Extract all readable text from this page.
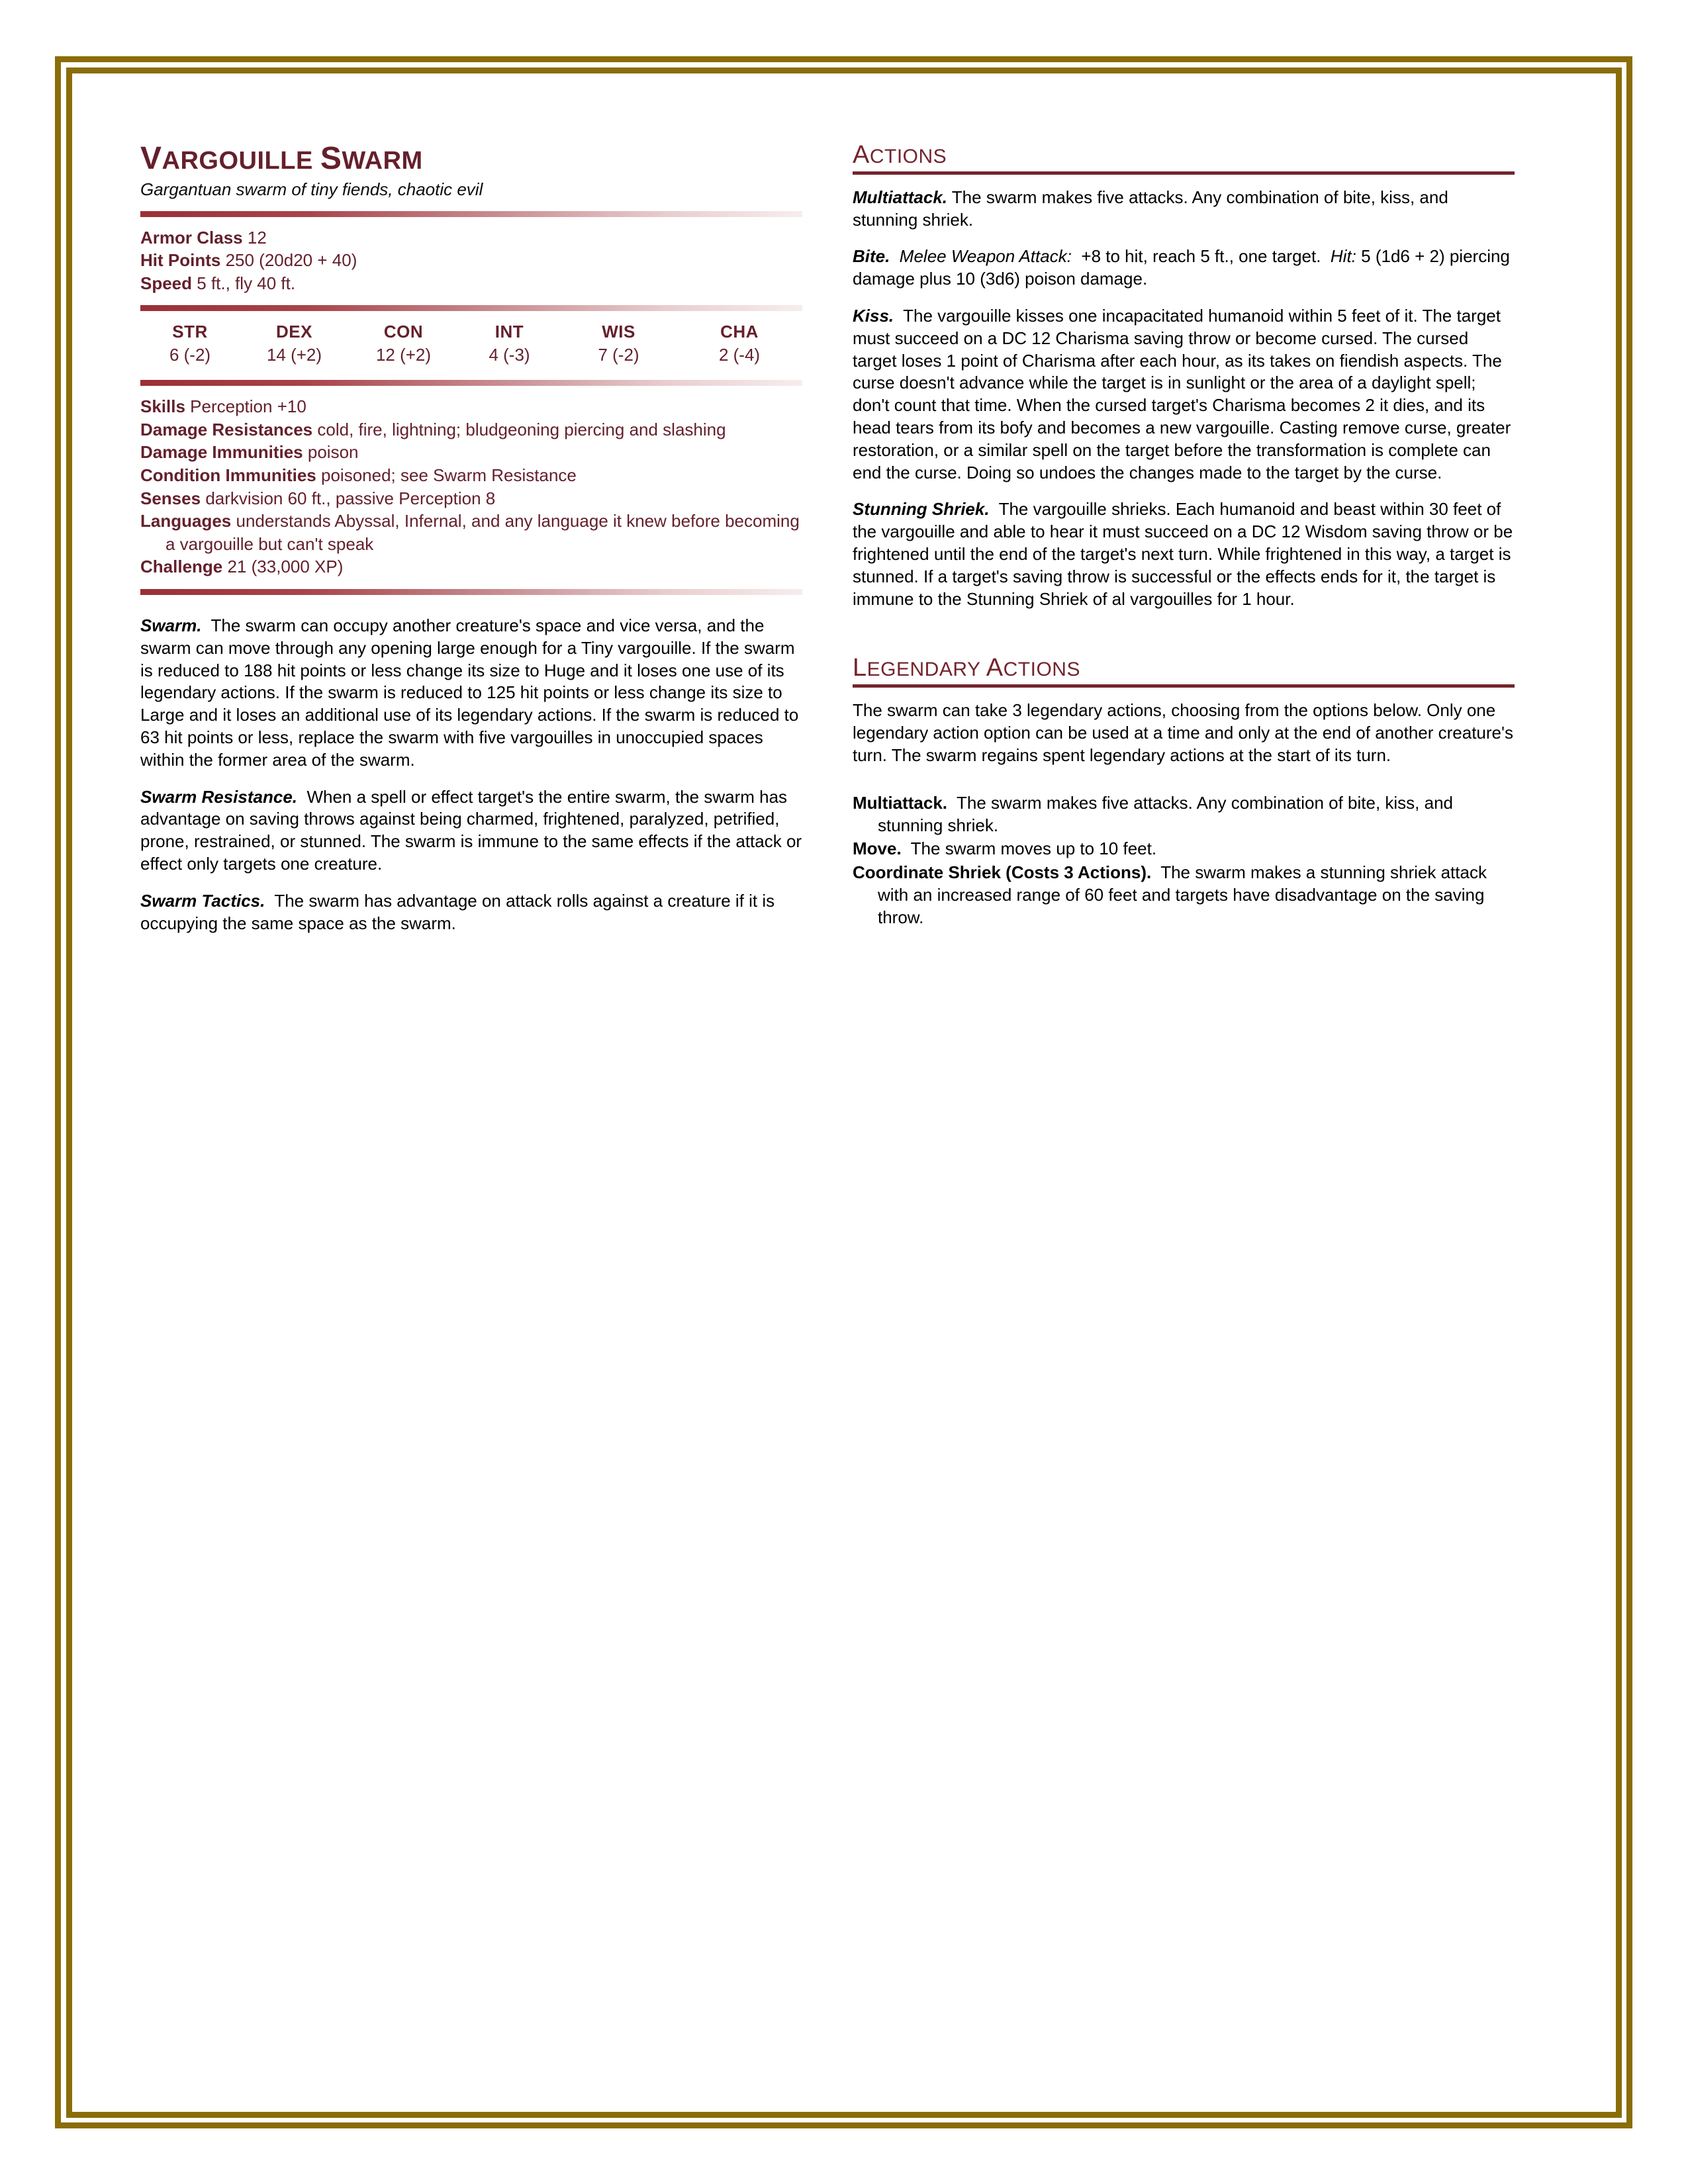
VARGOUILLE SWARM

Gargantuan swarm of tiny fiends, chaotic evil

Armor Class 12
Hit Points 250 (20d20 + 40)
Speed 5 ft., fly 40 ft.
STR	DEX	CON	INT	WIS	CHA
6 (-2)	14 (+2)	12 (+2)	4 (-3)	7 (-2)	2 (-4)
Skills Perception +10
Damage Resistances cold, fire, lightning; bludgeoning piercing and slashing
Damage Immunities poison
Condition Immunities poisoned; see Swarm Resistance
Senses darkvision 60 ft., passive Perception 8
Languages understands Abyssal, Infernal, and any language it knew before becoming a vargouille but can't speak
Challenge 21 (33,000 XP)

Swarm. The swarm can occupy another creature's space and vice versa, and the swarm can move through any opening large enough for a Tiny vargouille. If the swarm is reduced to 188 hit points or less change its size to Huge and it loses one use of its legendary actions. If the swarm is reduced to 125 hit points or less change its size to Large and it loses an additional use of its legendary actions. If the swarm is reduced to 63 hit points or less, replace the swarm with five vargouilles in unoccupied spaces within the former area of the swarm.

Swarm Resistance. When a spell or effect target's the entire swarm, the swarm has advantage on saving throws against being charmed, frightened, paralyzed, petrified, prone, restrained, or stunned. The swarm is immune to the same effects if the attack or effect only targets one creature.

Swarm Tactics. The swarm has advantage on attack rolls against a creature if it is occupying the same space as the swarm.

ACTIONS

Multiattack. The swarm makes five attacks. Any combination of bite, kiss, and stunning shriek.

Bite. Melee Weapon Attack: +8 to hit, reach 5 ft., one target. Hit: 5 (1d6 + 2) piercing damage plus 10 (3d6) poison damage.

Kiss. The vargouille kisses one incapacitated humanoid within 5 feet of it. The target must succeed on a DC 12 Charisma saving throw or become cursed. The cursed target loses 1 point of Charisma after each hour, as its takes on fiendish aspects. The curse doesn't advance while the target is in sunlight or the area of a daylight spell; don't count that time. When the cursed target's Charisma becomes 2 it dies, and its head tears from its bofy and becomes a new vargouille. Casting remove curse, greater restoration, or a similar spell on the target before the transformation is complete can end the curse. Doing so undoes the changes made to the target by the curse.

Stunning Shriek. The vargouille shrieks. Each humanoid and beast within 30 feet of the vargouille and able to hear it must succeed on a DC 12 Wisdom saving throw or be frightened until the end of the target's next turn. While frightened in this way, a target is stunned. If a target's saving throw is successful or the effects ends for it, the target is immune to the Stunning Shriek of al vargouilles for 1 hour.

LEGENDARY ACTIONS

The swarm can take 3 legendary actions, choosing from the options below. Only one legendary action option can be used at a time and only at the end of another creature's turn. The swarm regains spent legendary actions at the start of its turn.

Multiattack. The swarm makes five attacks. Any combination of bite, kiss, and stunning shriek.

Move. The swarm moves up to 10 feet.

Coordinate Shriek (Costs 3 Actions). The swarm makes a stunning shriek attack with an increased range of 60 feet and targets have disadvantage on the saving throw.
